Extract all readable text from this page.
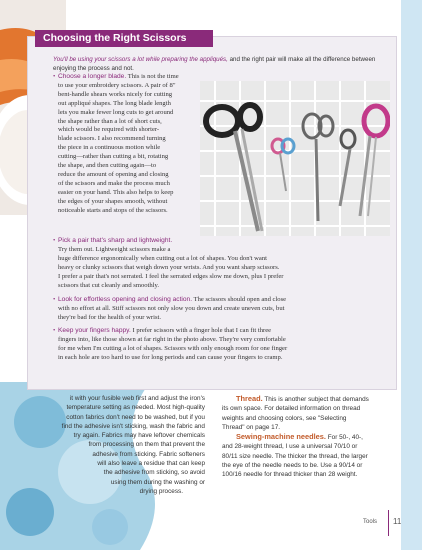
Choosing the Right Scissors
You'll be using your scissors a lot while preparing the appliqués, and the right pair will make all the difference between enjoying the process and not.
• Choose a longer blade. This is not the time
to use your embroidery scissors. A pair of 8"
bent-handle shears works nicely for cutting
out appliqué shapes. The long blade length
lets you make fewer long cuts to get around
the shape rather than a lot of short cuts,
which would be required with shorter-
blade scissors. I also recommend turning
the piece in a continuous motion while
cutting—rather than cutting a bit, rotating
the shape, and then cutting again—to
reduce the amount of opening and closing
of the scissors and make the process much
easier on your hand. This also helps to keep
the edges of your shapes smooth, without
noticeable starts and stops of the scissors.
• Pick a pair that's sharp and lightweight.
Try them out. Lightweight scissors make a
huge difference ergonomically when cutting out a lot of shapes. You don't want
heavy or clunky scissors that weigh down your wrists. And you want sharp scissors.
I prefer a pair that's not serrated. I feel the serrated edges slow me down, plus I prefer
scissors that cut cleanly and smoothly.
• Look for effortless opening and closing action. The scissors should open and close
with no effort at all. Stiff scissors not only slow you down and create uneven cuts, but
they're bad for the health of your wrist.
• Keep your fingers happy. I prefer scissors with a finger hole that I can fit three
fingers into, like those shown at far right in the photo above. They're very comfortable
for me when I'm cutting a lot of shapes. Scissors with only enough room for one finger
in each hole are too hard to use for long periods and can cause your fingers to cramp.
it with your fusible web first and adjust the iron's
temperature setting as needed. Most high-quality
cotton fabrics don't need to be washed, but if you
find the adhesive isn't sticking, wash the fabric and
try again. Fabrics may have leftover chemicals
from processing on them that prevent the
adhesive from sticking. Fabric softeners
will also leave a residue that can keep
the adhesive from sticking, so avoid
using them during the washing or
drying process.
Thread. This is another subject that demands
its own space. For detailed information on thread
weights and choosing colors, see "Selecting
Thread" on page 17.
Sewing-machine needles. For 50-, 40-,
and 28-weight thread, I use a universal 70/10 or
80/11 size needle. The thicker the thread, the larger
the eye of the needle needs to be. Use a 90/14 or
100/16 needle for thread thicker than 28 weight.
Tools 11
